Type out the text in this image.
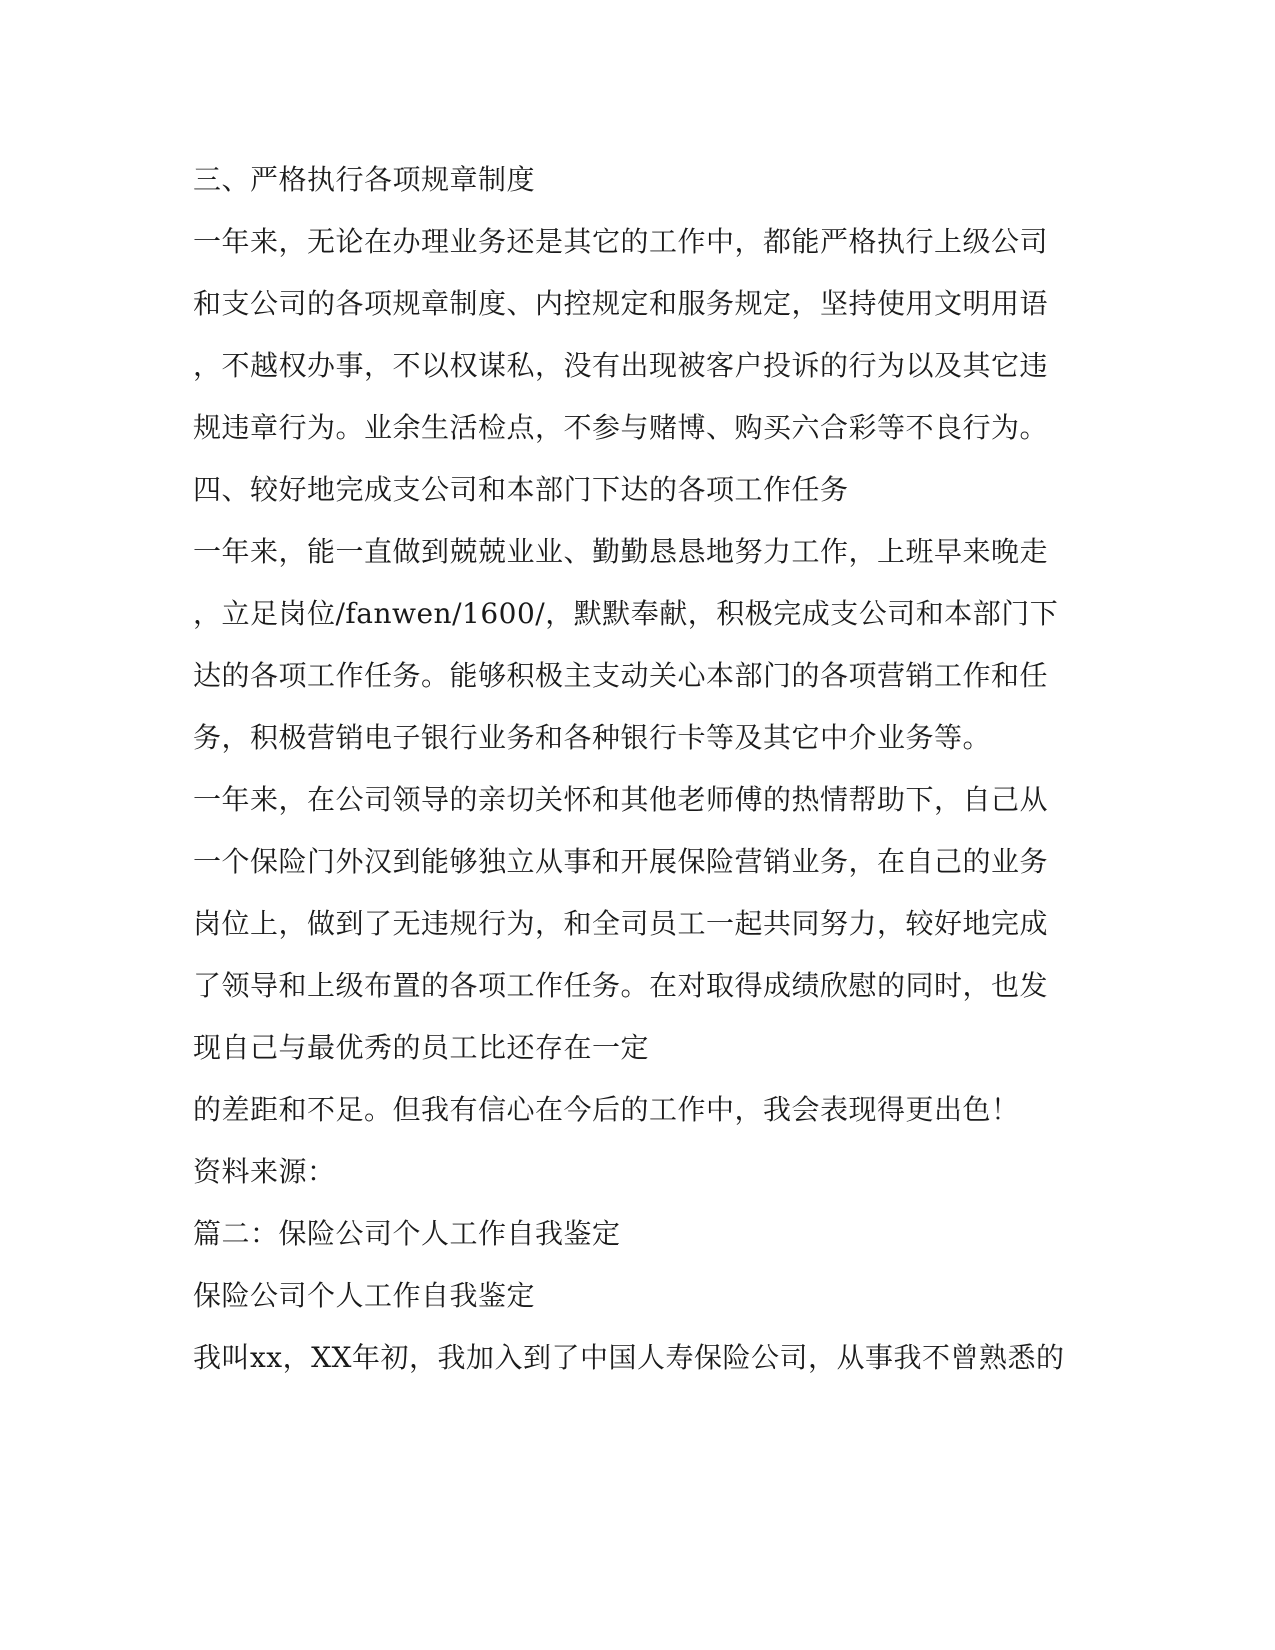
三、严格执行各项规章制度
一年来，无论在办理业务还是其它的工作中，都能严格执行上级公司
和支公司的各项规章制度、内控规定和服务规定，坚持使用文明用语
，不越权办事，不以权谋私，没有出现被客户投诉的行为以及其它违
规违章行为。业余生活检点，不参与赌博、购买六合彩等不良行为。
四、较好地完成支公司和本部门下达的各项工作任务
一年来，能一直做到兢兢业业、勤勤恳恳地努力工作，上班早来晚走
，立足岗位/fanwen/1600/，默默奉献，积极完成支公司和本部门下
达的各项工作任务。能够积极主支动关心本部门的各项营销工作和任
务，积极营销电子银行业务和各种银行卡等及其它中介业务等。
一年来，在公司领导的亲切关怀和其他老师傅的热情帮助下，自己从
一个保险门外汉到能够独立从事和开展保险营销业务，在自己的业务
岗位上，做到了无违规行为，和全司员工一起共同努力，较好地完成
了领导和上级布置的各项工作任务。在对取得成绩欣慰的同时，也发
现自己与最优秀的员工比还存在一定
的差距和不足。但我有信心在今后的工作中，我会表现得更出色！
资料来源：
篇二：保险公司个人工作自我鉴定
保险公司个人工作自我鉴定
我叫xx，XX年初，我加入到了中国人寿保险公司，从事我不曾熟悉的
